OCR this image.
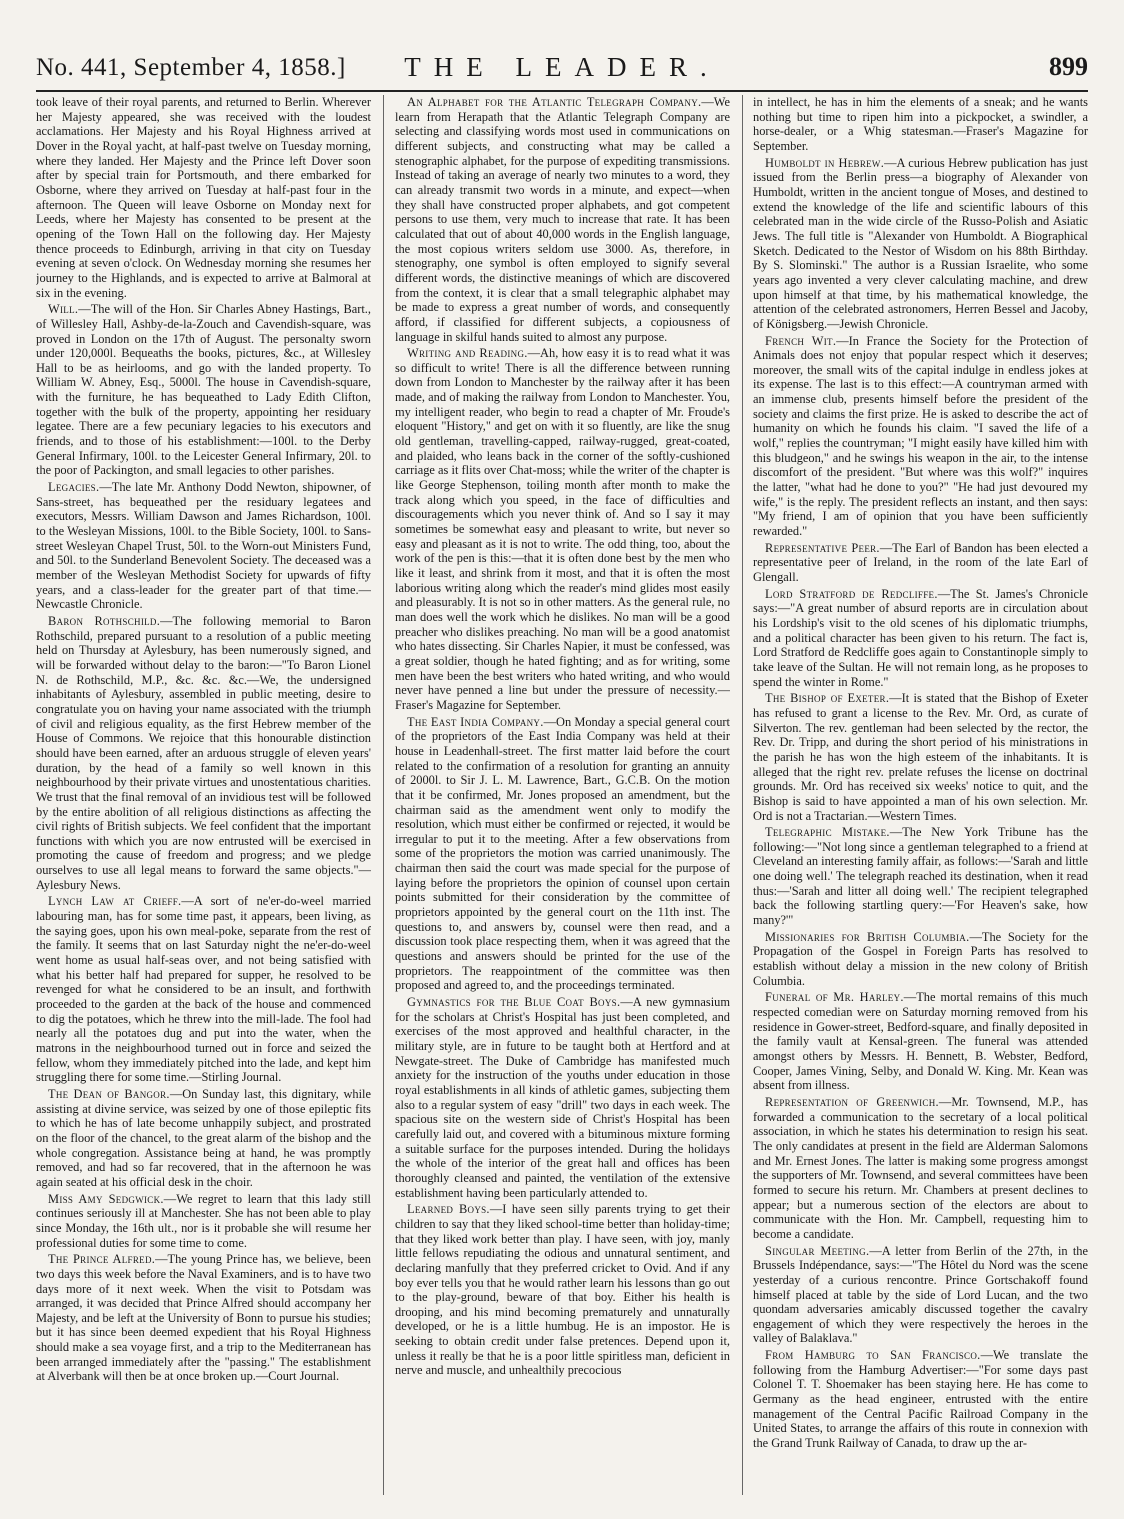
No. 441, September 4, 1858.]	THE LEADER.	899

took leave of their royal parents, and returned to Berlin. Wherever her Majesty appeared, she was received with the loudest acclamations. Her Majesty and his Royal Highness arrived at Dover in the Royal yacht, at half-past twelve on Tuesday morning, where they landed. Her Majesty and the Prince left Dover soon after by special train for Portsmouth, and there embarked for Osborne, where they arrived on Tuesday at half-past four in the afternoon. The Queen will leave Osborne on Monday next for Leeds, where her Majesty has consented to be present at the opening of the Town Hall on the following day. Her Majesty thence proceeds to Edinburgh, arriving in that city on Tuesday evening at seven o'clock. On Wednesday morning she resumes her journey to the Highlands, and is expected to arrive at Balmoral at six in the evening.

Will.—The will of the Hon. Sir Charles Abney Hastings, Bart., of Willesley Hall, Ashby-de-la-Zouch and Cavendish-square, was proved in London on the 17th of August. The personalty sworn under 120,000l. Bequeaths the books, pictures, &c., at Willesley Hall to be as heirlooms, and go with the landed property. To William W. Abney, Esq., 5000l. The house in Cavendish-square, with the furniture, he has bequeathed to Lady Edith Clifton, together with the bulk of the property, appointing her residuary legatee. There are a few pecuniary legacies to his executors and friends, and to those of his establishment:—100l. to the Derby General Infirmary, 100l. to the Leicester General Infirmary, 20l. to the poor of Packington, and small legacies to other parishes.

Legacies.—The late Mr. Anthony Dodd Newton, shipowner, of Sans-street, has bequeathed per the residuary legatees and executors, Messrs. William Dawson and James Richardson, 100l. to the Wesleyan Missions, 100l. to the Bible Society, 100l. to Sans-street Wesleyan Chapel Trust, 50l. to the Worn-out Ministers Fund, and 50l. to the Sunderland Benevolent Society. The deceased was a member of the Wesleyan Methodist Society for upwards of fifty years, and a class-leader for the greater part of that time.—Newcastle Chronicle.

Baron Rothschild.—The following memorial to Baron Rothschild, prepared pursuant to a resolution of a public meeting held on Thursday at Aylesbury, has been numerously signed, and will be forwarded without delay to the baron:—"To Baron Lionel N. de Rothschild, M.P., &c. &c. &c.—We, the undersigned inhabitants of Aylesbury, assembled in public meeting, desire to congratulate you on having your name associated with the triumph of civil and religious equality, as the first Hebrew member of the House of Commons. We rejoice that this honourable distinction should have been earned, after an arduous struggle of eleven years' duration, by the head of a family so well known in this neighbourhood by their private virtues and unostentatious charities. We trust that the final removal of an invidious test will be followed by the entire abolition of all religious distinctions as affecting the civil rights of British subjects. We feel confident that the important functions with which you are now entrusted will be exercised in promoting the cause of freedom and progress; and we pledge ourselves to use all legal means to forward the same objects."—Aylesbury News.

Lynch Law at Crieff.—A sort of ne'er-do-weel married labouring man, has for some time past, it appears, been living, as the saying goes, upon his own meal-poke, separate from the rest of the family. It seems that on last Saturday night the ne'er-do-weel went home as usual half-seas over, and not being satisfied with what his better half had prepared for supper, he resolved to be revenged for what he considered to be an insult, and forthwith proceeded to the garden at the back of the house and commenced to dig the potatoes, which he threw into the mill-lade. The fool had nearly all the potatoes dug and put into the water, when the matrons in the neighbourhood turned out in force and seized the fellow, whom they immediately pitched into the lade, and kept him struggling there for some time.—Stirling Journal.

The Dean of Bangor.—On Sunday last, this dignitary, while assisting at divine service, was seized by one of those epileptic fits to which he has of late become unhappily subject, and prostrated on the floor of the chancel, to the great alarm of the bishop and the whole congregation. Assistance being at hand, he was promptly removed, and had so far recovered, that in the afternoon he was again seated at his official desk in the choir.

Miss Amy Sedgwick.—We regret to learn that this lady still continues seriously ill at Manchester. She has not been able to play since Monday, the 16th ult., nor is it probable she will resume her professional duties for some time to come.

The Prince Alfred.—The young Prince has, we believe, been two days this week before the Naval Examiners, and is to have two days more of it next week. When the visit to Potsdam was arranged, it was decided that Prince Alfred should accompany her Majesty, and be left at the University of Bonn to pursue his studies; but it has since been deemed expedient that his Royal Highness should make a sea voyage first, and a trip to the Mediterranean has been arranged immediately after the "passing." The establishment at Alverbank will then be at once broken up.—Court Journal.

An Alphabet for the Atlantic Telegraph Company.—We learn from Herapath that the Atlantic Telegraph Company are selecting and classifying words most used in communications on different subjects, and constructing what may be called a stenographic alphabet, for the purpose of expediting transmissions. Instead of taking an average of nearly two minutes to a word, they can already transmit two words in a minute, and expect—when they shall have constructed proper alphabets, and got competent persons to use them, very much to increase that rate. It has been calculated that out of about 40,000 words in the English language, the most copious writers seldom use 3000. As, therefore, in stenography, one symbol is often employed to signify several different words, the distinctive meanings of which are discovered from the context, it is clear that a small telegraphic alphabet may be made to express a great number of words, and consequently afford, if classified for different subjects, a copiousness of language in skilful hands suited to almost any purpose.

Writing and Reading.—Ah, how easy it is to read what it was so difficult to write! There is all the difference between running down from London to Manchester by the railway after it has been made, and of making the railway from London to Manchester. You, my intelligent reader, who begin to read a chapter of Mr. Froude's eloquent "History," and get on with it so fluently, are like the snug old gentleman, travelling-capped, railway-rugged, great-coated, and plaided, who leans back in the corner of the softly-cushioned carriage as it flits over Chat-moss; while the writer of the chapter is like George Stephenson, toiling month after month to make the track along which you speed, in the face of difficulties and discouragements which you never think of. And so I say it may sometimes be somewhat easy and pleasant to write, but never so easy and pleasant as it is not to write. The odd thing, too, about the work of the pen is this:—that it is often done best by the men who like it least, and shrink from it most, and that it is often the most laborious writing along which the reader's mind glides most easily and pleasurably. It is not so in other matters. As the general rule, no man does well the work which he dislikes. No man will be a good preacher who dislikes preaching. No man will be a good anatomist who hates dissecting. Sir Charles Napier, it must be confessed, was a great soldier, though he hated fighting; and as for writing, some men have been the best writers who hated writing, and who would never have penned a line but under the pressure of necessity.—Fraser's Magazine for September.

The East India Company.—On Monday a special general court of the proprietors of the East India Company was held at their house in Leadenhall-street. The first matter laid before the court related to the confirmation of a resolution for granting an annuity of 2000l. to Sir J. L. M. Lawrence, Bart., G.C.B. On the motion that it be confirmed, Mr. Jones proposed an amendment, but the chairman said as the amendment went only to modify the resolution, which must either be confirmed or rejected, it would be irregular to put it to the meeting. After a few observations from some of the proprietors the motion was carried unanimously. The chairman then said the court was made special for the purpose of laying before the proprietors the opinion of counsel upon certain points submitted for their consideration by the committee of proprietors appointed by the general court on the 11th inst. The questions to, and answers by, counsel were then read, and a discussion took place respecting them, when it was agreed that the questions and answers should be printed for the use of the proprietors. The reappointment of the committee was then proposed and agreed to, and the proceedings terminated.

Gymnastics for the Blue Coat Boys.—A new gymnasium for the scholars at Christ's Hospital has just been completed, and exercises of the most approved and healthful character, in the military style, are in future to be taught both at Hertford and at Newgate-street. The Duke of Cambridge has manifested much anxiety for the instruction of the youths under education in those royal establishments in all kinds of athletic games, subjecting them also to a regular system of easy "drill" two days in each week. The spacious site on the western side of Christ's Hospital has been carefully laid out, and covered with a bituminous mixture forming a suitable surface for the purposes intended. During the holidays the whole of the interior of the great hall and offices has been thoroughly cleansed and painted, the ventilation of the extensive establishment having been particularly attended to.

Learned Boys.—I have seen silly parents trying to get their children to say that they liked school-time better than holiday-time; that they liked work better than play. I have seen, with joy, manly little fellows repudiating the odious and unnatural sentiment, and declaring manfully that they preferred cricket to Ovid. And if any boy ever tells you that he would rather learn his lessons than go out to the play-ground, beware of that boy. Either his health is drooping, and his mind becoming prematurely and unnaturally developed, or he is a little humbug. He is an impostor. He is seeking to obtain credit under false pretences. Depend upon it, unless it really be that he is a poor little spiritless man, deficient in nerve and muscle, and unhealthily precocious

in intellect, he has in him the elements of a sneak; and he wants nothing but time to ripen him into a pickpocket, a swindler, a horse-dealer, or a Whig statesman.—Fraser's Magazine for September.

Humboldt in Hebrew.—A curious Hebrew publication has just issued from the Berlin press—a biography of Alexander von Humboldt, written in the ancient tongue of Moses, and destined to extend the knowledge of the life and scientific labours of this celebrated man in the wide circle of the Russo-Polish and Asiatic Jews. The full title is "Alexander von Humboldt. A Biographical Sketch. Dedicated to the Nestor of Wisdom on his 88th Birthday. By S. Slominski." The author is a Russian Israelite, who some years ago invented a very clever calculating machine, and drew upon himself at that time, by his mathematical knowledge, the attention of the celebrated astronomers, Herren Bessel and Jacoby, of Königsberg.—Jewish Chronicle.

French Wit.—In France the Society for the Protection of Animals does not enjoy that popular respect which it deserves; moreover, the small wits of the capital indulge in endless jokes at its expense. The last is to this effect:—A countryman armed with an immense club, presents himself before the president of the society and claims the first prize. He is asked to describe the act of humanity on which he founds his claim. "I saved the life of a wolf," replies the countryman; "I might easily have killed him with this bludgeon," and he swings his weapon in the air, to the intense discomfort of the president. "But where was this wolf?" inquires the latter, "what had he done to you?" "He had just devoured my wife," is the reply. The president reflects an instant, and then says: "My friend, I am of opinion that you have been sufficiently rewarded."

Representative Peer.—The Earl of Bandon has been elected a representative peer of Ireland, in the room of the late Earl of Glengall.

Lord Stratford de Redcliffe.—The St. James's Chronicle says:—"A great number of absurd reports are in circulation about his Lordship's visit to the old scenes of his diplomatic triumphs, and a political character has been given to his return. The fact is, Lord Stratford de Redcliffe goes again to Constantinople simply to take leave of the Sultan. He will not remain long, as he proposes to spend the winter in Rome."

The Bishop of Exeter.—It is stated that the Bishop of Exeter has refused to grant a license to the Rev. Mr. Ord, as curate of Silverton. The rev. gentleman had been selected by the rector, the Rev. Dr. Tripp, and during the short period of his ministrations in the parish he has won the high esteem of the inhabitants. It is alleged that the right rev. prelate refuses the license on doctrinal grounds. Mr. Ord has received six weeks' notice to quit, and the Bishop is said to have appointed a man of his own selection. Mr. Ord is not a Tractarian.—Western Times.

Telegraphic Mistake.—The New York Tribune has the following:—"Not long since a gentleman telegraphed to a friend at Cleveland an interesting family affair, as follows:—'Sarah and little one doing well.' The telegraph reached its destination, when it read thus:—'Sarah and litter all doing well.' The recipient telegraphed back the following startling query:—'For Heaven's sake, how many?'"

Missionaries for British Columbia.—The Society for the Propagation of the Gospel in Foreign Parts has resolved to establish without delay a mission in the new colony of British Columbia.

Funeral of Mr. Harley.—The mortal remains of this much respected comedian were on Saturday morning removed from his residence in Gower-street, Bedford-square, and finally deposited in the family vault at Kensal-green. The funeral was attended amongst others by Messrs. H. Bennett, B. Webster, Bedford, Cooper, James Vining, Selby, and Donald W. King. Mr. Kean was absent from illness.

Representation of Greenwich.—Mr. Townsend, M.P., has forwarded a communication to the secretary of a local political association, in which he states his determination to resign his seat. The only candidates at present in the field are Alderman Salomons and Mr. Ernest Jones. The latter is making some progress amongst the supporters of Mr. Townsend, and several committees have been formed to secure his return. Mr. Chambers at present declines to appear; but a numerous section of the electors are about to communicate with the Hon. Mr. Campbell, requesting him to become a candidate.

Singular Meeting.—A letter from Berlin of the 27th, in the Brussels Indépendance, says:—"The Hôtel du Nord was the scene yesterday of a curious rencontre. Prince Gortschakoff found himself placed at table by the side of Lord Lucan, and the two quondam adversaries amicably discussed together the cavalry engagement of which they were respectively the heroes in the valley of Balaklava."

From Hamburg to San Francisco.—We translate the following from the Hamburg Advertiser:—"For some days past Colonel T. T. Shoemaker has been staying here. He has come to Germany as the head engineer, entrusted with the entire management of the Central Pacific Railroad Company in the United States, to arrange the affairs of this route in connexion with the Grand Trunk Railway of Canada, to draw up the ar-
